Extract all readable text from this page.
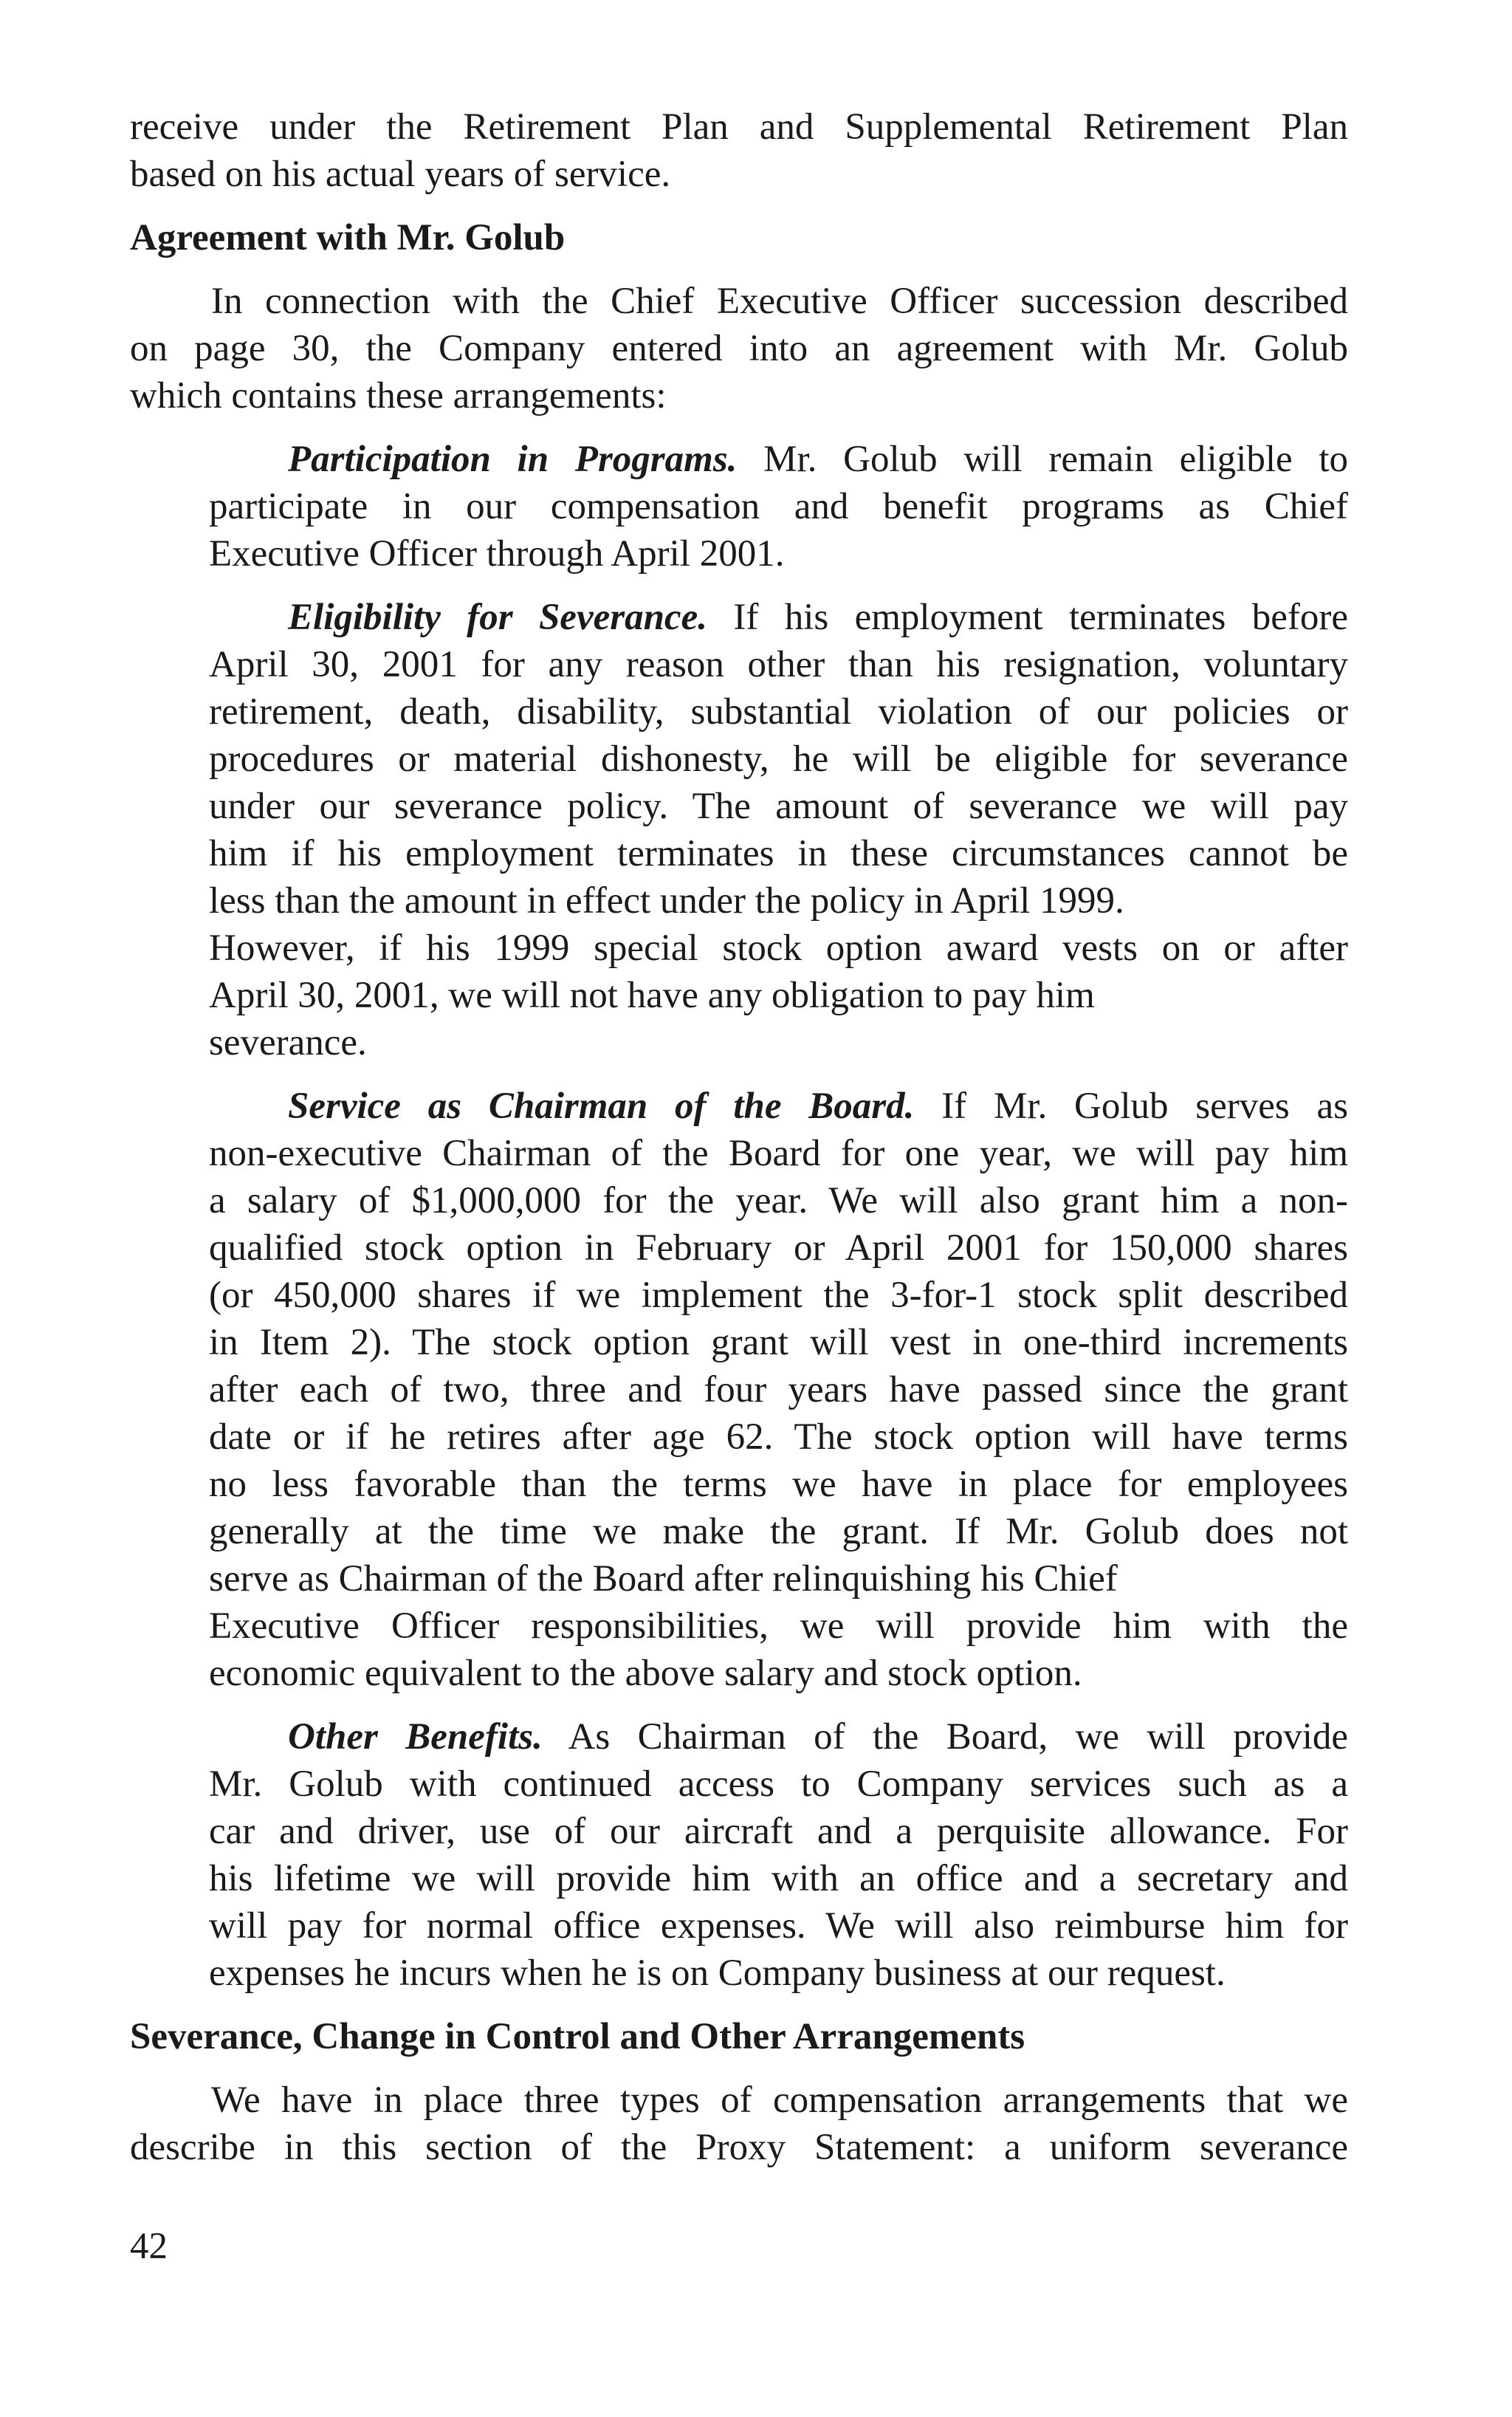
receive under the Retirement Plan and Supplemental Retirement Plan

based on his actual years of service.

Agreement with Mr. Golub

In connection with the Chief Executive Officer succession described

on page 30, the Company entered into an agreement with Mr. Golub

which contains these arrangements:

Participation in Programs. Mr. Golub will remain eligible to

participate in our compensation and benefit programs as Chief

Executive Officer through April 2001.

Eligibility for Severance. If his employment terminates before

April 30, 2001 for any reason other than his resignation, voluntary

retirement, death, disability, substantial violation of our policies or

procedures or material dishonesty, he will be eligible for severance

under our severance policy. The amount of severance we will pay

him if his employment terminates in these circumstances cannot be

less than the amount in effect under the policy in April 1999.

However, if his 1999 special stock option award vests on or after

April 30, 2001, we will not have any obligation to pay him

severance.

Service as Chairman of the Board. If Mr. Golub serves as

non-executive Chairman of the Board for one year, we will pay him

a salary of $1,000,000 for the year. We will also grant him a non-

qualified stock option in February or April 2001 for 150,000 shares

(or 450,000 shares if we implement the 3-for-1 stock split described

in Item 2). The stock option grant will vest in one-third increments

after each of two, three and four years have passed since the grant

date or if he retires after age 62. The stock option will have terms

no less favorable than the terms we have in place for employees

generally at the time we make the grant. If Mr. Golub does not

serve as Chairman of the Board after relinquishing his Chief

Executive Officer responsibilities, we will provide him with the

economic equivalent to the above salary and stock option.

Other Benefits. As Chairman of the Board, we will provide

Mr. Golub with continued access to Company services such as a

car and driver, use of our aircraft and a perquisite allowance. For

his lifetime we will provide him with an office and a secretary and

will pay for normal office expenses. We will also reimburse him for

expenses he incurs when he is on Company business at our request.

Severance, Change in Control and Other Arrangements

We have in place three types of compensation arrangements that we

describe in this section of the Proxy Statement: a uniform severance

42
